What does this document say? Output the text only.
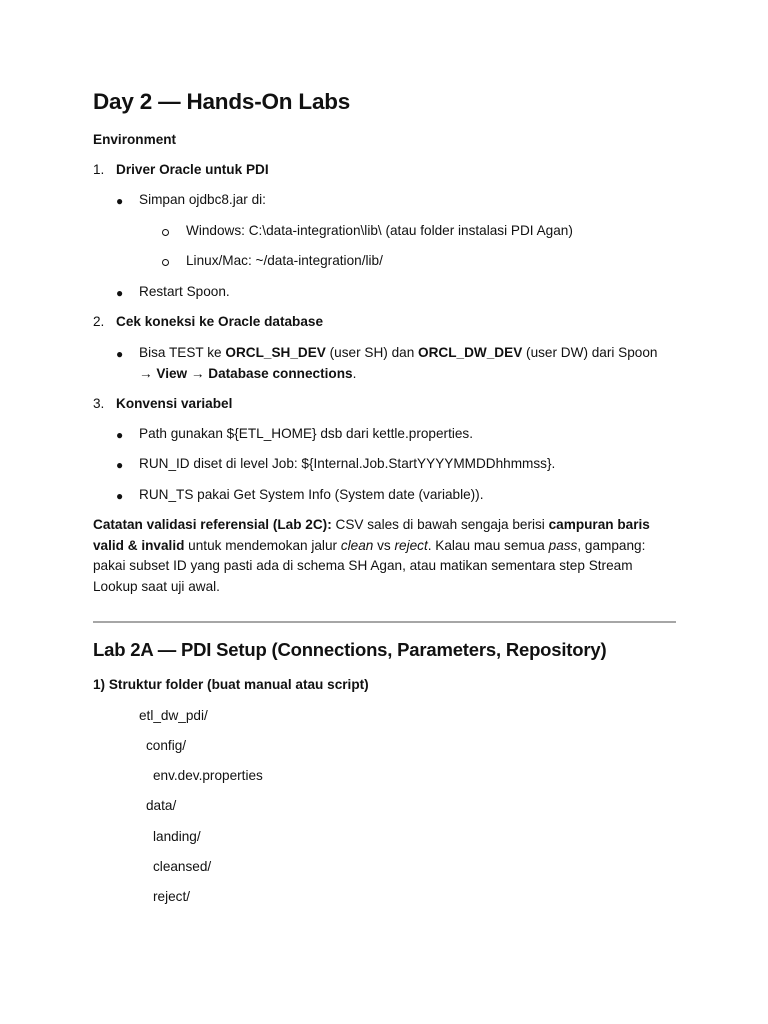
Day 2 — Hands-On Labs
Environment
1. Driver Oracle untuk PDI
● Simpan ojdbc8.jar di:
Windows: C:\data-integration\lib\ (atau folder instalasi PDI Agan)
Linux/Mac: ~/data-integration/lib/
● Restart Spoon.
2. Cek koneksi ke Oracle database
● Bisa TEST ke ORCL_SH_DEV (user SH) dan ORCL_DW_DEV (user DW) dari Spoon → View → Database connections.
3. Konvensi variabel
● Path gunakan ${ETL_HOME} dsb dari kettle.properties.
● RUN_ID diset di level Job: ${Internal.Job.StartYYYYMMDDhhmmss}.
● RUN_TS pakai Get System Info (System date (variable)).
Catatan validasi referensial (Lab 2C): CSV sales di bawah sengaja berisi campuran baris valid & invalid untuk mendemokan jalur clean vs reject. Kalau mau semua pass, gampang: pakai subset ID yang pasti ada di schema SH Agan, atau matikan sementara step Stream Lookup saat uji awal.
Lab 2A — PDI Setup (Connections, Parameters, Repository)
1) Struktur folder (buat manual atau script)
etl_dw_pdi/
config/
env.dev.properties
data/
landing/
cleansed/
reject/
